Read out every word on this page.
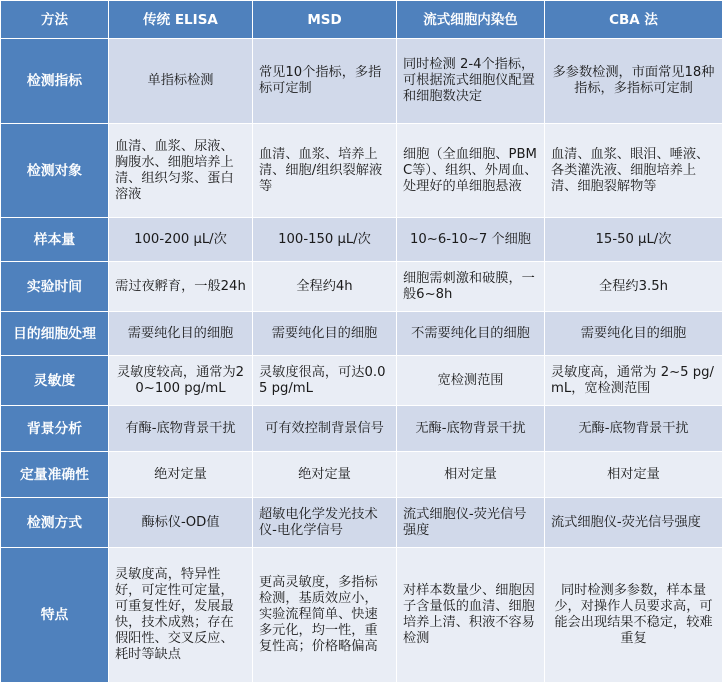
方法	传统 ELISA	MSD	流式细胞内染色	CBA 法
检测指标	单指标检测	常见10个指标，多指标可定制	同时检测 2-4个指标，可根据流式细胞仪配置和细胞数决定	多参数检测，市面常见18种指标，多指标可定制
检测对象	血清、血浆、尿液、胸腹水、细胞培养上清、组织匀浆、蛋白溶液	血清、血浆、培养上清、细胞/组织裂解液等	细胞（全血细胞、PBMC等）、组织、外周血、处理好的单细胞悬液	血清、血浆、眼泪、唾液、各类灌洗液、细胞培养上清、细胞裂解物等
样本量	100-200 μL/次	100-150 μL/次	10~6-10~7 个细胞	15-50 μL/次
实验时间	需过夜孵育，一般24h	全程约4h	细胞需刺激和破膜，一般6~8h	全程约3.5h
目的细胞处理	需要纯化目的细胞	需要纯化目的细胞	不需要纯化目的细胞	需要纯化目的细胞
灵敏度	灵敏度较高，通常为20~100 pg/mL	灵敏度很高，可达0.05 pg/mL	宽检测范围	灵敏度高，通常为 2~5 pg/mL，宽检测范围
背景分析	有酶-底物背景干扰	可有效控制背景信号	无酶-底物背景干扰	无酶-底物背景干扰
定量准确性	绝对定量	绝对定量	相对定量	相对定量
检测方式	酶标仪-OD值	超敏电化学发光技术仪-电化学信号	流式细胞仪-荧光信号强度	流式细胞仪-荧光信号强度
特点	灵敏度高，特异性好，可定性可定量，可重复性好，发展最快，技术成熟；存在假阳性、交叉反应、耗时等缺点	更高灵敏度，多指标检测，基质效应小，实验流程简单、快速多元化，均一性，重复性高；价格略偏高	对样本数量少、细胞因子含量低的血清、细胞培养上清、积液不容易检测	同时检测多参数，样本量少，对操作人员要求高，可能会出现结果不稳定，较难重复
